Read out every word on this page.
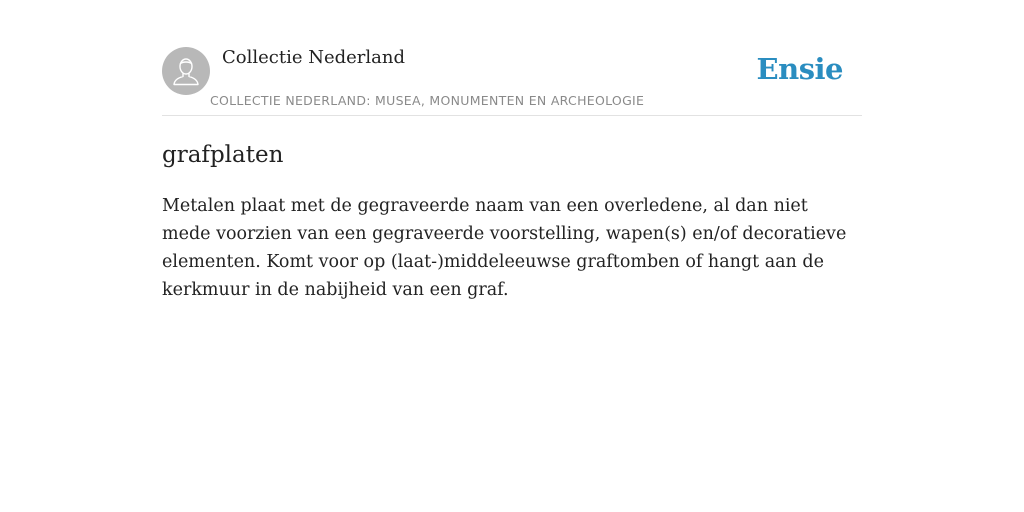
Collectie Nederland
COLLECTIE NEDERLAND: MUSEA, MONUMENTEN EN ARCHEOLOGIE
Ensie
grafplaten

Metalen plaat met de gegraveerde naam van een overledene, al dan niet mede voorzien van een gegraveerde voorstelling, wapen(s) en/of decoratieve elementen. Komt voor op (laat-)middeleeuwse graftomben of hangt aan de kerkmuur in de nabijheid van een graf.
